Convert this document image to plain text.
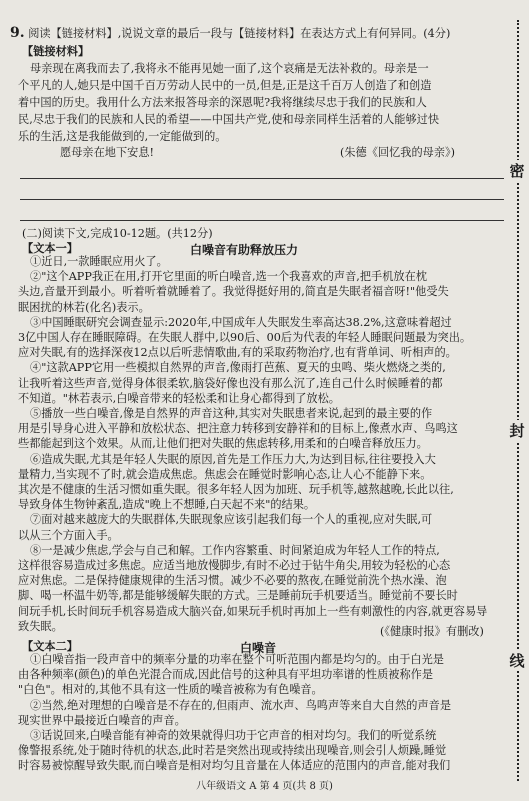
9. 阅读【链接材料】,说说文章的最后一段与【链接材料】在表达方式上有何异同。(4分)
【链接材料】
母亲现在离我而去了,我将永不能再见她一面了,这个哀痛是无法补救的。母亲是一
个平凡的人,她只是中国千百万劳动人民中的一员,但是,正是这千百万人创造了和创造
着中国的历史。我用什么方法来报答母亲的深恩呢?我将继续尽忠于我们的民族和人
民,尽忠于我们的民族和人民的希望——中国共产党,使和母亲同样生活着的人能够过快
乐的生活,这是我能做到的,一定能做到的。
愿母亲在地下安息!	(朱德《回忆我的母亲》)
(二)阅读下文,完成10-12题。(共12分)
【文本一】	白噪音有助释放压力
①近日,一款睡眠应用火了。
②"这个APP我正在用,打开它里面的听白噪音,选一个我喜欢的声音,把手机放在枕
头边,音量开到最小。听着听着就睡着了。我觉得挺好用的,简直是失眠者福音呀!"他受失
眠困扰的林若(化名)表示。
③中国睡眠研究会调查显示:2020年,中国成年人失眠发生率高达38.2%,这意味着超过
3亿中国人存在睡眠障碍。在失眠人群中,以90后、00后为代表的年轻人睡眠问题最为突出。
应对失眠,有的选择深夜12点以后听悲情歌曲,有的采取药物治疗,也有背单词、听相声的。
④"这款APP它用一些模拟自然界的声音,像雨打芭蕉、夏天的虫鸣、柴火燃烧之类的,
让我听着这些声音,觉得身体很柔软,脑袋好像也没有那么沉了,连自己什么时候睡着的都
不知道。"林若表示,白噪音带来的轻松柔和让身心都得到了放松。
⑤播放一些白噪音,像是自然界的声音这种,其实对失眠患者来说,起到的最主要的作
用是引导身心进入平静和放松状态、把注意力转移到安静祥和的目标上,像煮水声、鸟鸣这
些都能起到这个效果。从而,让他们把对失眠的焦虑转移,用柔和的白噪音释放压力。
⑥造成失眠,尤其是年轻人失眠的原因,首先是工作压力大,为达到目标,往往要投入大
量精力,当实现不了时,就会造成焦虑。焦虑会在睡觉时影响心态,让人心不能静下来。
其次是不健康的生活习惯如重失眠。很多年轻人因为加班、玩手机等,越熬越晚,长此以往,
导致身体生物钟紊乱,造成"晚上不想睡,白天起不来"的结果。
⑦面对越来越庞大的失眠群体,失眠现象应该引起我们每一个人的重视,应对失眠,可
以从三个方面入手。
⑧一是减少焦虑,学会与自己和解。工作内容繁重、时间紧迫成为年轻人工作的特点,
这样很容易造成过多焦虑。应适当地放慢脚步,有时不必过于钻牛角尖,用较为轻松的心态
应对焦虑。二是保持健康规律的生活习惯。减少不必要的熬夜,在睡觉前洗个热水澡、泡
脚、喝一杯温牛奶等,都是能够缓解失眠的方式。三是睡前玩手机要适当。睡觉前不要长时
间玩手机,长时间玩手机容易造成大脑兴奋,如果玩手机时再加上一些有刺激性的内容,就更容易导
致失眠。	(《健康时报》有删改)
【文本二】	白噪音
①白噪音指一段声音中的频率分量的功率在整个可听范围内都是均匀的。由于白光是
由各种频率(颜色)的单色光混合而成,因此信号的这种具有平坦功率谱的性质被称作是
"白色"。相对的,其他不具有这一性质的噪音被称为有色噪音。
②当然,绝对理想的白噪音是不存在的,但雨声、流水声、鸟鸣声等来自大自然的声音是
现实世界中最接近白噪音的声音。
③话说回来,白噪音能有神奇的效果就得归功于它声音的相对均匀。我们的听觉系统
像警报系统,处于随时待机的状态,此时若是突然出现或持续出现噪音,则会引人烦躁,睡觉
时容易被惊醒导致失眠,而白噪音是相对均匀且音量在人体适应的范围内的声音,能对我们
八年级语文 A 第 4 页(共 8 页)
密
封
线
